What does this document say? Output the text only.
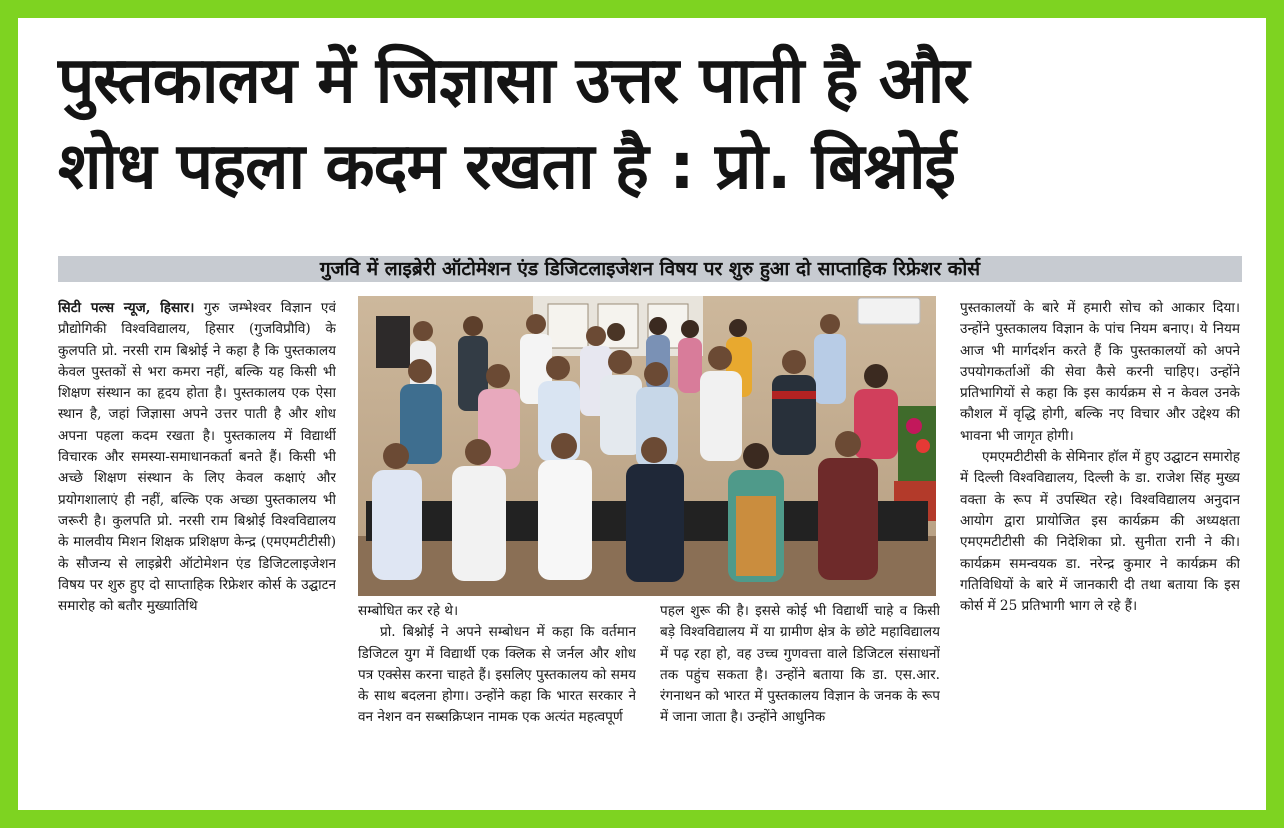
पुस्तकालय में जिज्ञासा उत्तर पाती है और
शोध पहला कदम रखता है : प्रो. बिश्नोई
गुजवि में लाइब्रेरी ऑटोमेशन एंड डिजिटलाइजेशन विषय पर शुरु हुआ दो साप्ताहिक रिफ्रेशर कोर्स

सिटी पल्स न्यूज, हिसार। गुरु जम्भेश्वर विज्ञान एवं प्रौद्योगिकी विश्वविद्यालय, हिसार (गुजविप्रौवि) के कुलपति प्रो. नरसी राम बिश्नोई ने कहा है कि पुस्तकालय केवल पुस्तकों से भरा कमरा नहीं, बल्कि यह किसी भी शिक्षण संस्थान का हृदय होता है। पुस्तकालय एक ऐसा स्थान है, जहां जिज्ञासा अपने उत्तर पाती है और शोध अपना पहला कदम रखता है। पुस्तकालय में विद्यार्थी विचारक और समस्या-समाधानकर्ता बनते हैं। किसी भी अच्छे शिक्षण संस्थान के लिए केवल कक्षाएं और प्रयोगशालाएं ही नहीं, बल्कि एक अच्छा पुस्तकालय भी जरूरी है। कुलपति प्रो. नरसी राम बिश्नोई विश्वविद्यालय के मालवीय मिशन शिक्षक प्रशिक्षण केन्द्र (एमएमटीटीसी) के सौजन्य से लाइब्रेरी ऑटोमेशन एंड डिजिटलाइजेशन विषय पर शुरु हुए दो साप्ताहिक रिफ्रेशर कोर्स के उद्घाटन समारोह को बतौर मुख्यातिथि	सम्बोधित कर रहे थे।

प्रो. बिश्नोई ने अपने सम्बोधन में कहा कि वर्तमान डिजिटल युग में विद्यार्थी एक क्लिक से जर्नल और शोध पत्र एक्सेस करना चाहते हैं। इसलिए पुस्तकालय को समय के साथ बदलना होगा। उन्होंने कहा कि भारत सरकार ने वन नेशन वन सब्सक्रिप्शन नामक एक अत्यंत महत्वपूर्ण

पहल शुरू की है। इससे कोई भी विद्यार्थी चाहे व किसी बड़े विश्वविद्यालय में या ग्रामीण क्षेत्र के छोटे महाविद्यालय में पढ़ रहा हो, वह उच्च गुणवत्ता वाले डिजिटल संसाधनों तक पहुंच सकता है। उन्होंने बताया कि डा. एस.आर. रंगनाथन को भारत में पुस्तकालय विज्ञान के जनक के रूप में जाना जाता है। उन्होंने आधुनिक

पुस्तकालयों के बारे में हमारी सोच को आकार दिया। उन्होंने पुस्तकालय विज्ञान के पांच नियम बनाए। ये नियम आज भी मार्गदर्शन करते हैं कि पुस्तकालयों को अपने उपयोगकर्ताओं की सेवा कैसे करनी चाहिए। उन्होंने प्रतिभागियों से कहा कि इस कार्यक्रम से न केवल उनके कौशल में वृद्धि होगी, बल्कि नए विचार और उद्देश्य की भावना भी जागृत होगी।

एमएमटीटीसी के सेमिनार हॉल में हुए उद्घाटन समारोह में दिल्ली विश्वविद्यालय, दिल्ली के डा. राजेश सिंह मुख्य वक्ता के रूप में उपस्थित रहे। विश्वविद्यालय अनुदान आयोग द्वारा प्रायोजित इस कार्यक्रम की अध्यक्षता एमएमटीटीसी की निदेशिका प्रो. सुनीता रानी ने की। कार्यक्रम समन्वयक डा. नरेन्द्र कुमार ने कार्यक्रम की गतिविधियों के बारे में जानकारी दी तथा बताया कि इस कोर्स में 25 प्रतिभागी भाग ले रहे हैं।
